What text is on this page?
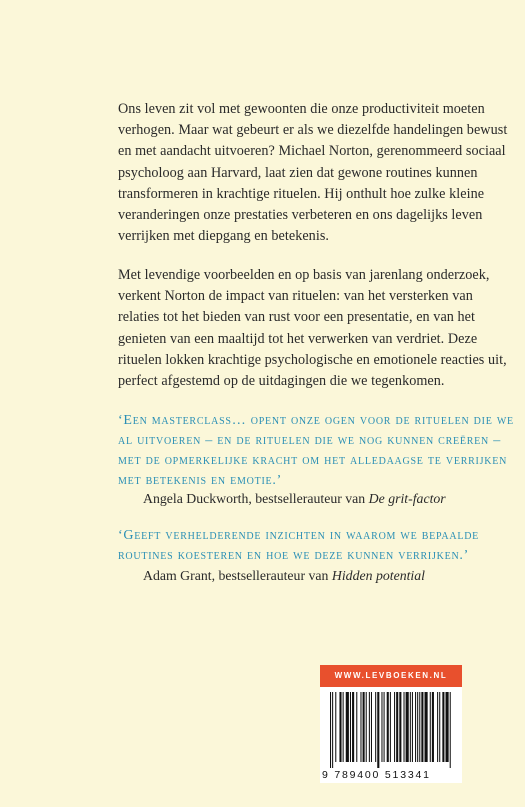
Ons leven zit vol met gewoonten die onze productiviteit moeten verhogen. Maar wat gebeurt er als we diezelfde handelingen bewust en met aandacht uitvoeren? Michael Norton, gerenommeerd sociaal psycholoog aan Harvard, laat zien dat gewone routines kunnen transformeren in krachtige rituelen. Hij onthult hoe zulke kleine veranderingen onze prestaties verbeteren en ons dagelijks leven verrijken met diepgang en betekenis.

Met levendige voorbeelden en op basis van jarenlang onderzoek, verkent Norton de impact van rituelen: van het versterken van relaties tot het bieden van rust voor een presentatie, en van het genieten van een maaltijd tot het verwerken van verdriet. Deze rituelen lokken krachtige psychologische en emotionele reacties uit, perfect afgestemd op de uitdagingen die we tegenkomen.

‘Een masterclass… opent onze ogen voor de rituelen die we al uitvoeren – en de rituelen die we nog kunnen creëren – met de opmerkelijke kracht om het alledaagse te verrijken met betekenis en emotie.’

Angela Duckworth, bestsellerauteur van De grit-factor

‘Geeft verhelderende inzichten in waarom we bepaalde routines koesteren en hoe we deze kunnen verrijken.’

Adam Grant, bestsellerauteur van Hidden potential

WWW.LEVBOEKEN.NL
9 789400 513341
